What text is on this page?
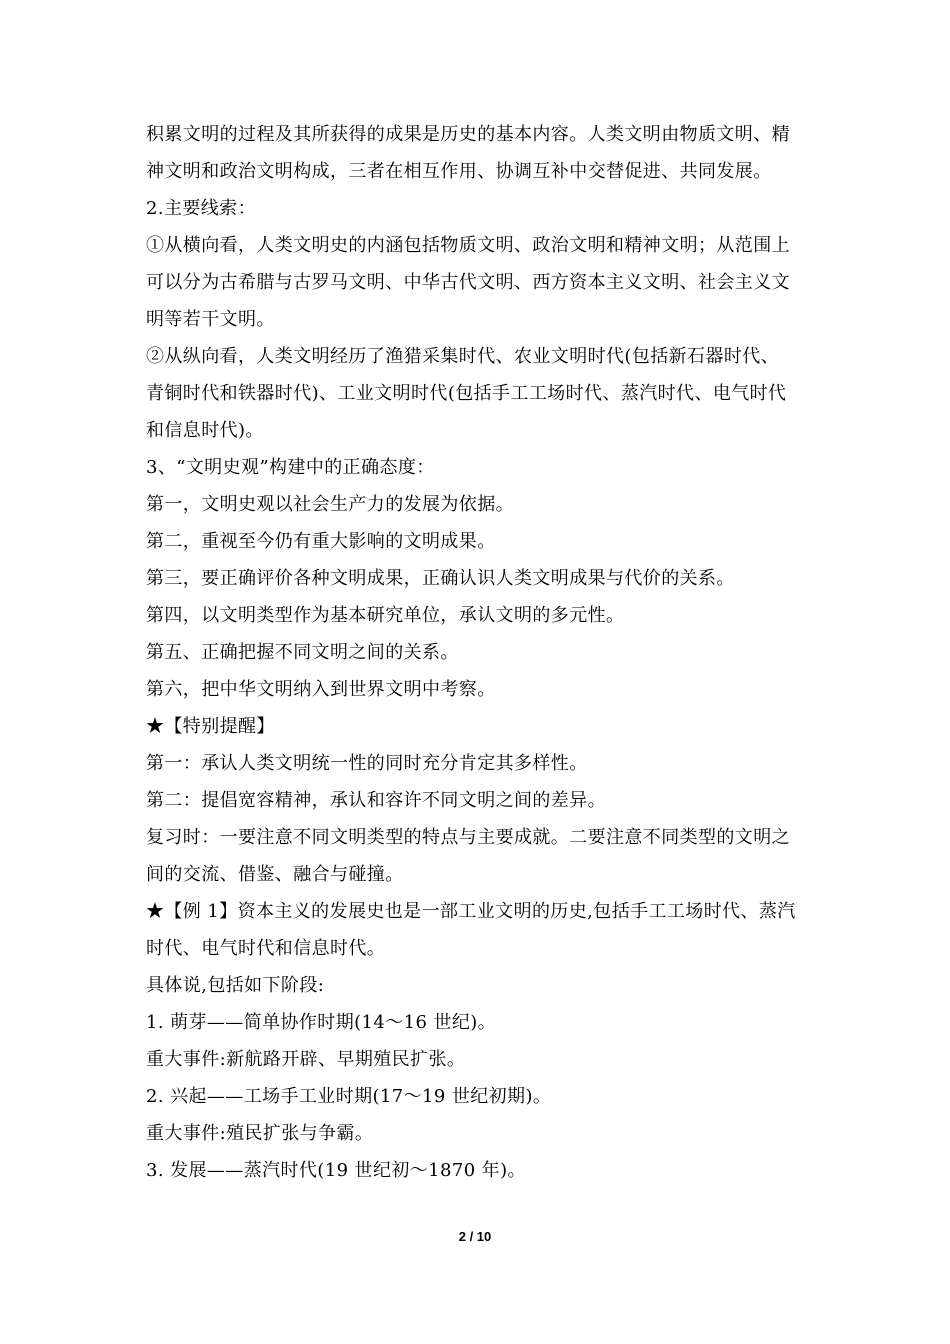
积累文明的过程及其所获得的成果是历史的基本内容。人类文明由物质文明、精
神文明和政治文明构成，三者在相互作用、协调互补中交替促进、共同发展。
2.主要线索：
①从横向看，人类文明史的内涵包括物质文明、政治文明和精神文明；从范围上
可以分为古希腊与古罗马文明、中华古代文明、西方资本主义文明、社会主义文
明等若干文明。
②从纵向看，人类文明经历了渔猎采集时代、农业文明时代(包括新石器时代、
青铜时代和铁器时代)、工业文明时代(包括手工工场时代、蒸汽时代、电气时代
和信息时代)。
3、“文明史观”构建中的正确态度：
第一，文明史观以社会生产力的发展为依据。
第二，重视至今仍有重大影响的文明成果。
第三，要正确评价各种文明成果，正确认识人类文明成果与代价的关系。
第四，以文明类型作为基本研究单位，承认文明的多元性。
第五、正确把握不同文明之间的关系。
第六，把中华文明纳入到世界文明中考察。
★【特别提醒】
第一：承认人类文明统一性的同时充分肯定其多样性。
第二：提倡宽容精神，承认和容许不同文明之间的差异。
复习时：一要注意不同文明类型的特点与主要成就。二要注意不同类型的文明之
间的交流、借鉴、融合与碰撞。
★【例 1】资本主义的发展史也是一部工业文明的历史,包括手工工场时代、蒸汽
时代、电气时代和信息时代。
具体说,包括如下阶段:
1. 萌芽——简单协作时期(14～16 世纪)。
重大事件:新航路开辟、早期殖民扩张。
2. 兴起——工场手工业时期(17～19 世纪初期)。
重大事件:殖民扩张与争霸。
3. 发展——蒸汽时代(19 世纪初～1870 年)。
2 / 10
